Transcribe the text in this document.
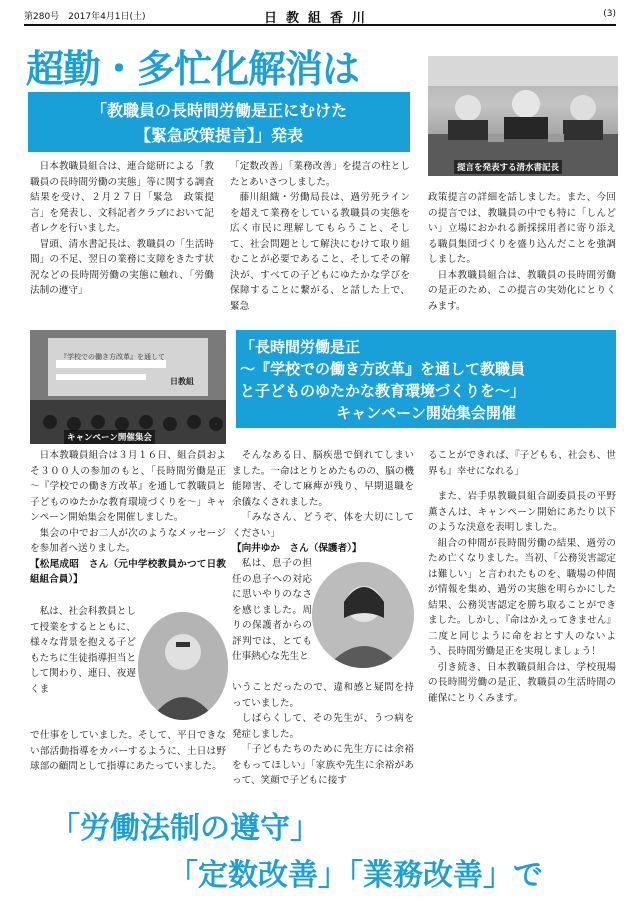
第280号　2017年4月1日(土)	日教組香川	(3)
超勤・多忙化解消は
「教職員の長時間労働是正にむけた
【緊急政策提言】」発表
提言を発表する清水書記長

日本教職員組合は、連合総研による「教職員の長時間労働の実態」等に関する調査結果を受け、２月２７日「緊急　政策提言」を発表し、文科記者クラブにおいて記者レクを行いました。

冒頭、清水書記長は、教職員の「生活時間」の不足、翌日の業務に支障をきたす状況などの長時間労働の実態に触れ、「労働法制の遵守」

「定数改善」「業務改善」を提言の柱としたとあいさつしました。

藤川組織・労働局長は、過労死ラインを超えて業務をしている教職員の実態を広く市民に理解してもらうこと、そして、社会問題として解決にむけて取り組むことが必要であること、そしてその解決が、すべての子どもにゆたかな学びを保障することに繋がる、と話した上で、緊急

政策提言の詳細を話しました。また、今回の提言では、教職員の中でも特に「しんどい」立場におかれる新採採用者に寄り添える職員集団づくりを盛り込んだことを強調しました。

日本教職員組合は、教職員の長時間労働の是正のため、この提言の実効化にとりくみます。

『学校での働き方改革』を通して
日教組
キャンペーン開催集会
「長時間労働是正
～『学校での働き方改革』を通して教職員
と子どものゆたかな教育環境づくりを～」
キャンペーン開始集会開催

日本教職員組合は３月１６日、組合員およそ３００人の参加のもと、「長時間労働是正～『学校での働き方改革』を通して教職員と子どものゆたかな教育環境づくりを～」キャンペーン開始集会を開催しました。

集会の中でお二人が次のようなメッセージを参加者へ送りました。

【松尾成昭　さん（元中学校教員かつて日教組組合員）】

私は、社会科教員として授業をするとともに、様々な背景を抱える子どもたちに生徒指導担当として関わり、連日、夜遅くま

で仕事をしていました。そして、平日できない部活動指導をカバーするように、土日は野球部の顧問として指導にあたっていました。

そんなある日、脳疾患で倒れてしまいました。一命はとりとめたものの、脳の機能障害、そして麻痺が残り、早期退職を余儀なくされました。

「みなさん、どうぞ、体を大切にしてください」

【向井ゆか　さん（保護者）】

私は、息子の担任の息子への対応に思いやりのなさを感じました。周りの保護者からの評判では、とても仕事熱心な先生と

いうことだったので、違和感と疑問を持っていました。

しばらくして、その先生が、うつ病を発症しました。

「子どもたちのために先生方には余裕をもってほしい」「家族や先生に余裕があって、笑顔で子どもに接す

ることができれば、『子どもも、社会も、世界も』幸せになれる」

また、岩手県教職員組合副委員長の平野薫さんは、キャンペーン開始にあたり以下のような決意を表明しました。

組合の仲間が長時間労働の結果、過労のため亡くなりました。当初、「公務災害認定は難しい」と言われたものを、職場の仲間が情報を集め、過労の実態を明らかにした結果、公務災害認定を勝ち取ることができました。しかし、『命はかえってきません』二度と同じように命をおとす人のないよう、長時間労働是正を実現しましょう！

引き続き、日本教職員組合は、学校現場の長時間労働の是正、教職員の生活時間の確保にとりくみます。

「労働法制の遵守」
「定数改善」「業務改善」で
